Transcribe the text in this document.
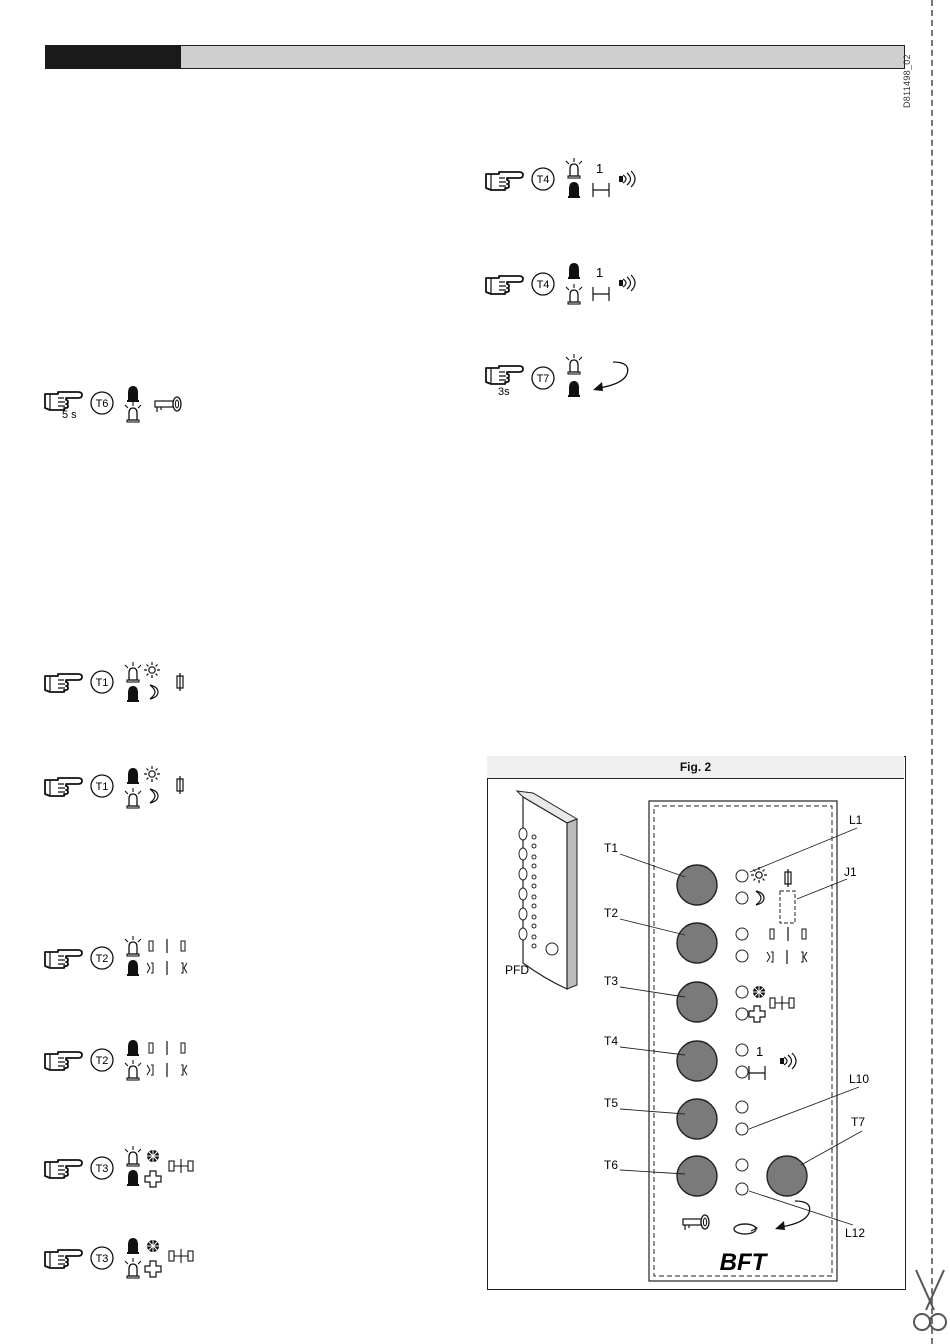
D811498_02
5 s
T6
T1
T1
T2
T2
T3
T3
T4
1
T4
1
3s
T7
Fig. 2
PFD
T1
T2
T3
T4
T5
T6
T7
1
BFT
L1
J1
L10
L12
